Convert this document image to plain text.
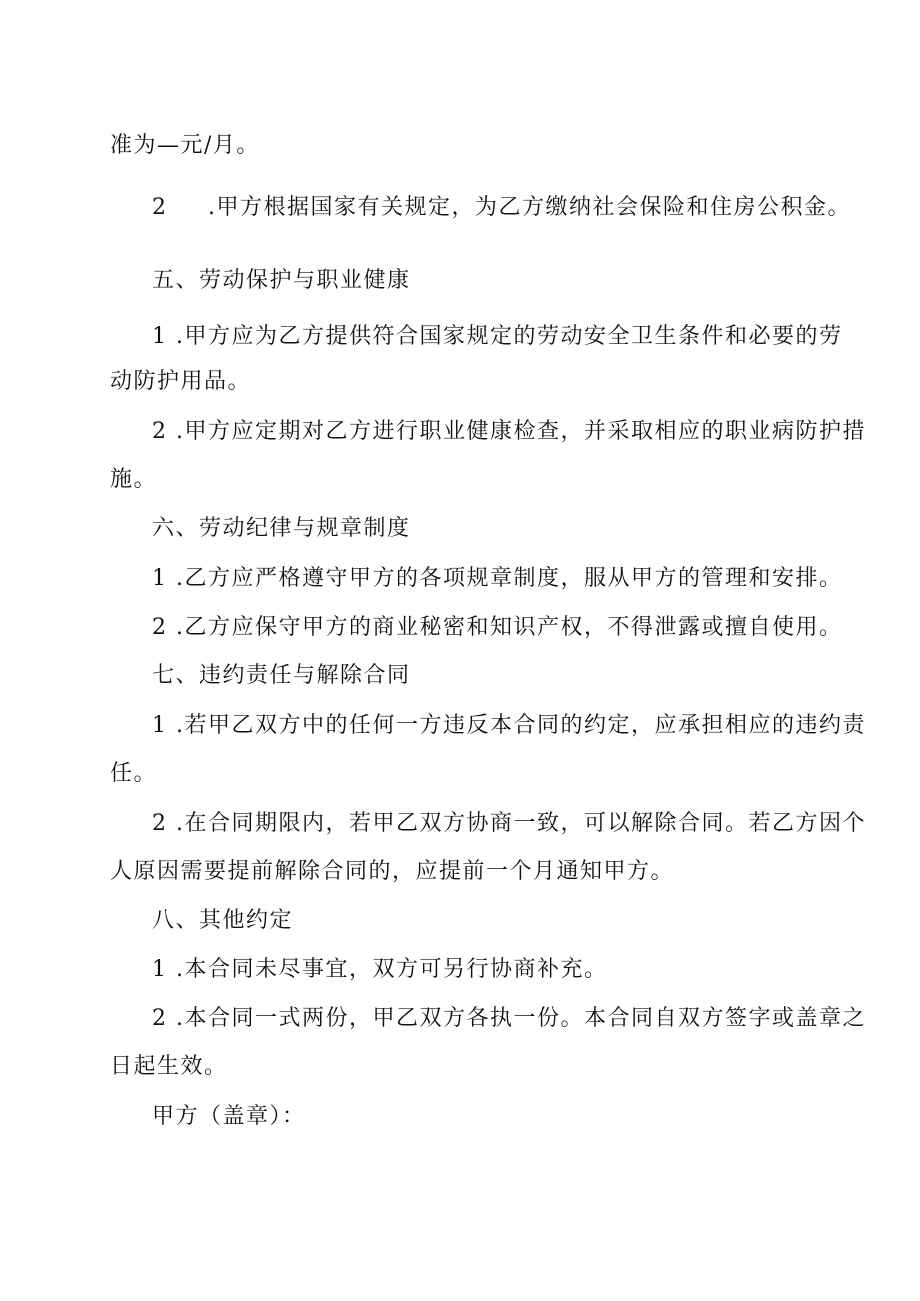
准为—元/月。
2 .甲方根据国家有关规定，为乙方缴纳社会保险和住房公积金。
五、劳动保护与职业健康
1 .甲方应为乙方提供符合国家规定的劳动安全卫生条件和必要的劳
动防护用品。
2 .甲方应定期对乙方进行职业健康检查，并采取相应的职业病防护措
施。
六、劳动纪律与规章制度
1 .乙方应严格遵守甲方的各项规章制度，服从甲方的管理和安排。
2 .乙方应保守甲方的商业秘密和知识产权，不得泄露或擅自使用。
七、违约责任与解除合同
1 .若甲乙双方中的任何一方违反本合同的约定，应承担相应的违约责
任。
2 .在合同期限内，若甲乙双方协商一致，可以解除合同。若乙方因个
人原因需要提前解除合同的，应提前一个月通知甲方。
八、其他约定
1 .本合同未尽事宜，双方可另行协商补充。
2 .本合同一式两份，甲乙双方各执一份。本合同自双方签字或盖章之
日起生效。
甲方（盖章）：
